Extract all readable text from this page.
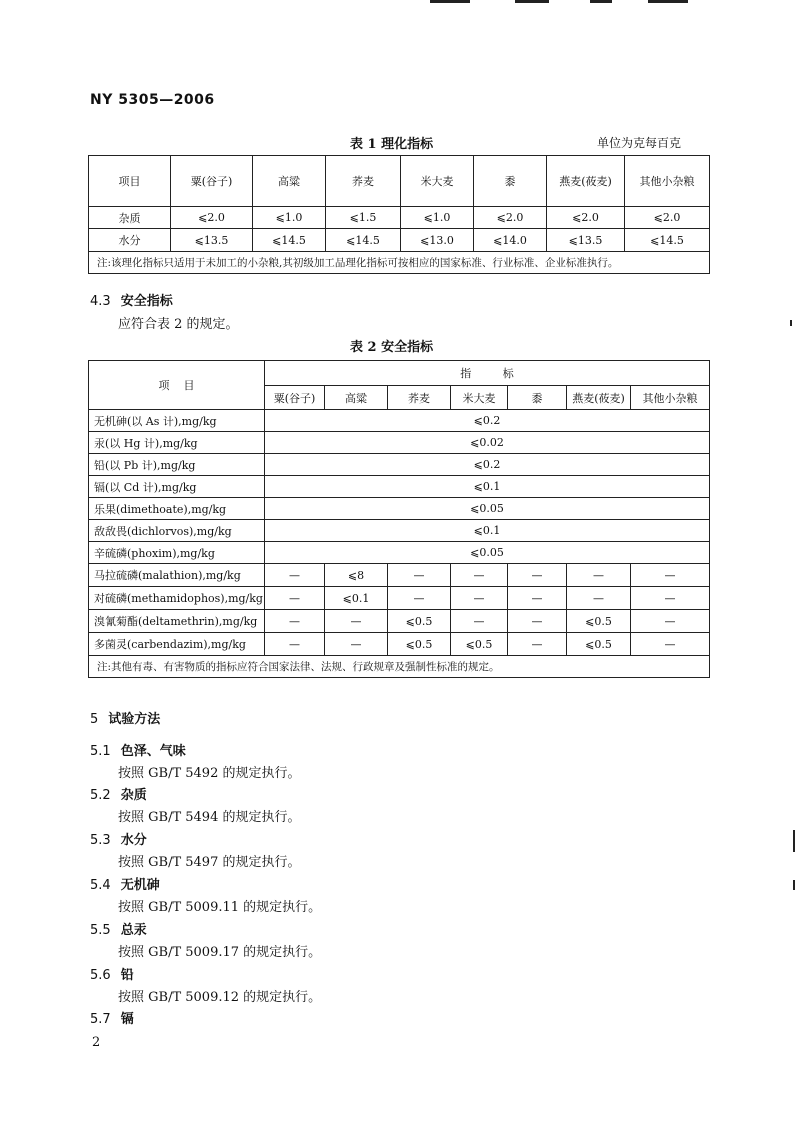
NY 5305—2006
表 1 理化指标	单位为克每百克
项目	粟(谷子)	高粱	荞麦	米大麦	黍	燕麦(莜麦)	其他小杂粮
杂质	⩽2.0	⩽1.0	⩽1.5	⩽1.0	⩽2.0	⩽2.0	⩽2.0
水分	⩽13.5	⩽14.5	⩽14.5	⩽13.0	⩽14.0	⩽13.5	⩽14.5
注:该理化指标只适用于未加工的小杂粮,其初级加工品理化指标可按相应的国家标准、行业标准、企业标准执行。							
4.3 安全指标
应符合表 2 的规定。
表 2 安全指标
项    目	指         标						
	粟(谷子)	高粱	荞麦	米大麦	黍	燕麦(莜麦)	其他小杂粮
无机砷(以 As 计),mg/kg	⩽0.2						
汞(以 Hg 计),mg/kg	⩽0.02						
铅(以 Pb 计),mg/kg	⩽0.2						
镉(以 Cd 计),mg/kg	⩽0.1						
乐果(dimethoate),mg/kg	⩽0.05						
敌敌畏(dichlorvos),mg/kg	⩽0.1						
辛硫磷(phoxim),mg/kg	⩽0.05						
马拉硫磷(malathion),mg/kg	—	⩽8	—	—	—	—	—
对硫磷(methamidophos),mg/kg	—	⩽0.1	—	—	—	—	—
溴氰菊酯(deltamethrin),mg/kg	—	—	⩽0.5	—	—	⩽0.5	—
多菌灵(carbendazim),mg/kg	—	—	⩽0.5	⩽0.5	—	⩽0.5	—
注:其他有毒、有害物质的指标应符合国家法律、法规、行政规章及强制性标准的规定。							
5 试验方法
5.1 色泽、气味
按照 GB/T 5492 的规定执行。
5.2 杂质
按照 GB/T 5494 的规定执行。
5.3 水分
按照 GB/T 5497 的规定执行。
5.4 无机砷
按照 GB/T 5009.11 的规定执行。
5.5 总汞
按照 GB/T 5009.17 的规定执行。
5.6 铅
按照 GB/T 5009.12 的规定执行。
5.7 镉
2
